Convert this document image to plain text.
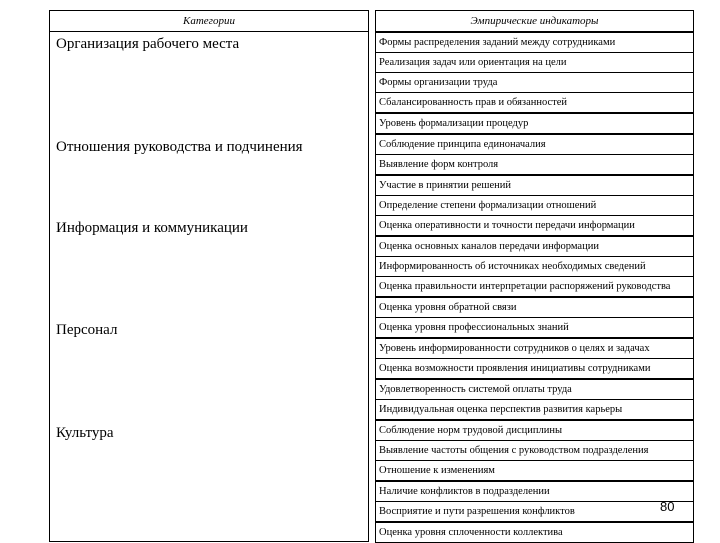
Категории	Эмпирические индикаторы
Организация рабочего места
Отношения руководства и подчинения
Информация и коммуникации
Персонал
Культура
Формы распределения заданий между сотрудниками
Реализация задач или ориентация на цели
Формы организации труда
Сбалансированность прав и обязанностей
Уровень формализации процедур
Соблюдение принципа единоначалия
Выявление форм контроля
Участие в принятии решений
Определение степени формализации отношений
Оценка оперативности и точности передачи информации
Оценка основных каналов передачи информации
Информированность об источниках необходимых сведений
Оценка правильности интерпретации распоряжений руководства
Оценка уровня обратной связи
Оценка уровня профессиональных знаний
Уровень информированности сотрудников о целях и задачах
Оценка возможности проявления инициативы сотрудниками
Удовлетворенность системой оплаты труда
Индивидуальная оценка перспектив развития карьеры
Соблюдение норм трудовой дисциплины
Выявление частоты общения с руководством подразделения
Отношение к изменениям
Наличие конфликтов в подразделении
Восприятие и пути разрешения конфликтов
Оценка уровня сплоченности коллектива
80
